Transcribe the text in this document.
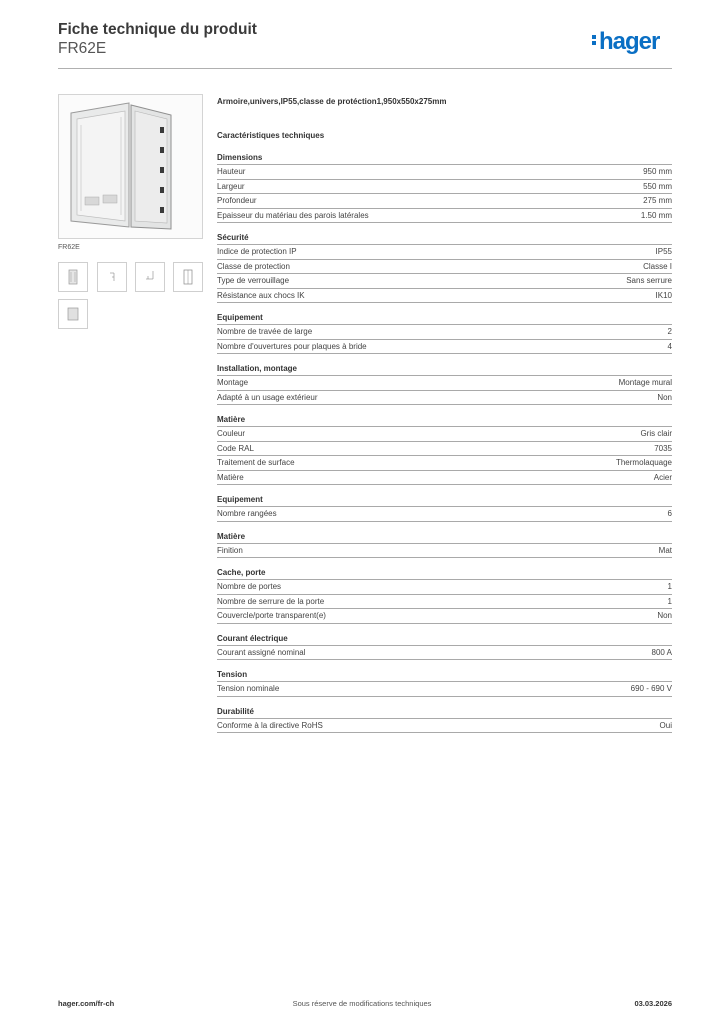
Fiche technique du produit
FR62E	hager
FR62E
Armoire,univers,IP55,classe de protéction1,950x550x275mm
Caractéristiques techniques
Dimensions
Hauteur	950 mm
Largeur	550 mm
Profondeur	275 mm
Epaisseur du matériau des parois latérales	1.50 mm
Sécurité
Indice de protection IP	IP55
Classe de protection	Classe I
Type de verrouillage	Sans serrure
Résistance aux chocs IK	IK10
Equipement
Nombre de travée de large	2
Nombre d'ouvertures pour plaques à bride	4
Installation, montage
Montage	Montage mural
Adapté à un usage extérieur	Non
Matière
Couleur	Gris clair
Code RAL	7035
Traitement de surface	Thermolaquage
Matière	Acier
Equipement
Nombre rangées	6
Matière
Finition	Mat
Cache, porte
Nombre de portes	1
Nombre de serrure de la porte	1
Couvercle/porte transparent(e)	Non
Courant électrique
Courant assigné nominal	800 A
Tension
Tension nominale	690 - 690 V
Durabilité
Conforme à la directive RoHS	Oui
Sous réserve de modifications techniques
hager.com/fr-ch	03.03.2026
